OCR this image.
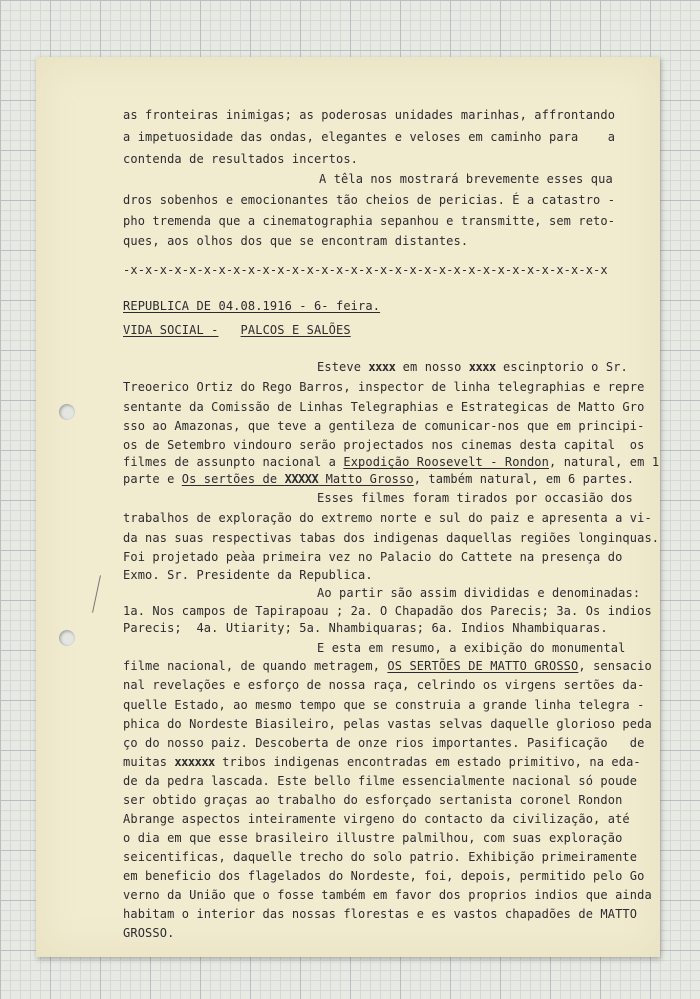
as fronteiras inimigas; as poderosas unidades marinhas, affrontando
a impetuosidade das ondas, elegantes e veloses em caminho para    a
contenda de resultados incertos.
A têla nos mostrará brevemente esses quа
dros sobenhos e emocionantes tão cheios de pericias. É a catastro -
pho tremenda que a cinematographia sepanhou e transmitte, sem reto-
ques, aos olhos dos que se encontram distantes.
-x-x-x-x-x-x-x-x-x-x-x-x-x-x-x-x-x-x-x-x-x-x-x-x-x-x-x-x-x-x-x-x-x
REPUBLICA DE 04.08.1916 - 6- feira.
VIDA SOCIAL - PALCOS E SALÕES
Esteve xxxx em nosso xxxx escinptorio o Sr.
Treoerico Ortiz do Rego Barros, inspector de linha telegraphias e repre
sentante da Comissão de Linhas Telegraphias e Estrategicas de Matto Gro
sso ao Amazonas, que teve a gentileza de comunicar-nos que em principi-
os de Setembro vindouro serão projectados nos cinemas desta capital  os
filmes de assunpto nacional a Expodição Roosevelt - Rondon, natural, em 1
parte e Os sertões de XXXXX Matto Grosso, também natural, em 6 partes.
Esses filmes foram tirados por occasião dos
trabalhos de exploração do extremo norte e sul do paiz e apresenta a vi-
da nas suas respectivas tabas dos indigenas daquellas regiões longinquas.
Foi projetado peàa primeira vez no Palacio do Cattete na presença do
Exmo. Sr. Presidente da Republica.
Ao partir são assim divididas e denominadas:
1a. Nos campos de Tapirapoau ; 2a. O Chapadão dos Parecis; 3a. Os indios
Parecis;  4a. Utiarity; 5a. Nhambiquaras; 6a. Indios Nhambiquaras.
E esta em resumo, a exibição do monumental
filme nacional, de quando metragem, OS SERTÕES DE MATTO GROSSO, sensacio
nal revelações e esforço de nossa raça, celrindo os virgens sertões da-
quelle Estado, ao mesmo tempo que se construia a grande linha telegra -
phica do Nordeste Biasileiro, pelas vastas selvas daquelle glorioso peda
ço do nosso paiz. Descoberta de onze rios importantes. Pasificação   de
muitas xxxxxx tribos indigenas encontradas em estado primitivo, na eda-
de da pedra lascada. Este bello filme essencialmente nacional só poude
ser obtido graças ao trabalho do esforçado sertanista coronel Rondon
Abrange aspectos inteiramente virgeno do contacto da civilização, até
o dia em que esse brasileiro illustre palmilhou, com suas exploração
seicentificas, daquelle trecho do solo patrio. Exhibição primeiramente
em beneficio dos flagelados do Nordeste, foi, depois, permitido pelo Go
verno da União que o fosse também em favor dos proprios indios que ainda
habitam o interior das nossas florestas e es vastos chapadões de MATTO
GROSSO.
